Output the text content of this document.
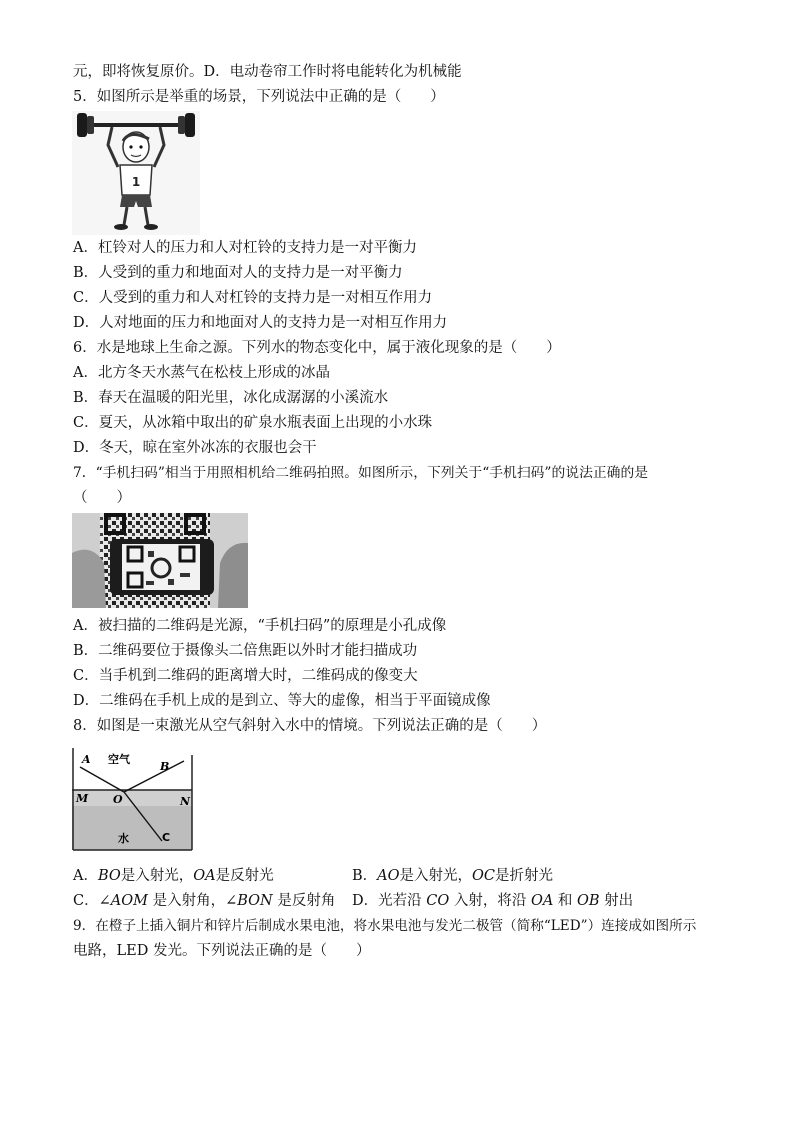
元，即将恢复原价。D．电动卷帘工作时将电能转化为机械能
5．如图所示是举重的场景，下列说法中正确的是（　　）
1
A．杠铃对人的压力和人对杠铃的支持力是一对平衡力
B．人受到的重力和地面对人的支持力是一对平衡力
C．人受到的重力和人对杠铃的支持力是一对相互作用力
D．人对地面的压力和地面对人的支持力是一对相互作用力
6．水是地球上生命之源。下列水的物态变化中，属于液化现象的是（　　）
A．北方冬天水蒸气在松枝上形成的冰晶
B．春天在温暖的阳光里，冰化成潺潺的小溪流水
C．夏天，从冰箱中取出的矿泉水瓶表面上出现的小水珠
D．冬天，晾在室外冰冻的衣服也会干
7．“手机扫码”相当于用照相机给二维码拍照。如图所示，下列关于“手机扫码”的说法正确的是
（　　）
A．被扫描的二维码是光源，“手机扫码”的原理是小孔成像
B．二维码要位于摄像头二倍焦距以外时才能扫描成功
C．当手机到二维码的距离增大时，二维码成的像变大
D．二维码在手机上成的是到立、等大的虚像，相当于平面镜成像
8．如图是一束激光从空气斜射入水中的情境。下列说法正确的是（　　）
A
B
空气
M O	N
水	C
A．BO是入射光，OA是反射光	B．AO是入射光，OC是折射光
C．∠AOM 是入射角，∠BON 是反射角 D．光若沿 CO 入射，将沿 OA 和 OB 射出
9．在橙子上插入铜片和锌片后制成水果电池，将水果电池与发光二极管（简称“LED”）连接成如图所示
电路，LED 发光。下列说法正确的是（　　）
